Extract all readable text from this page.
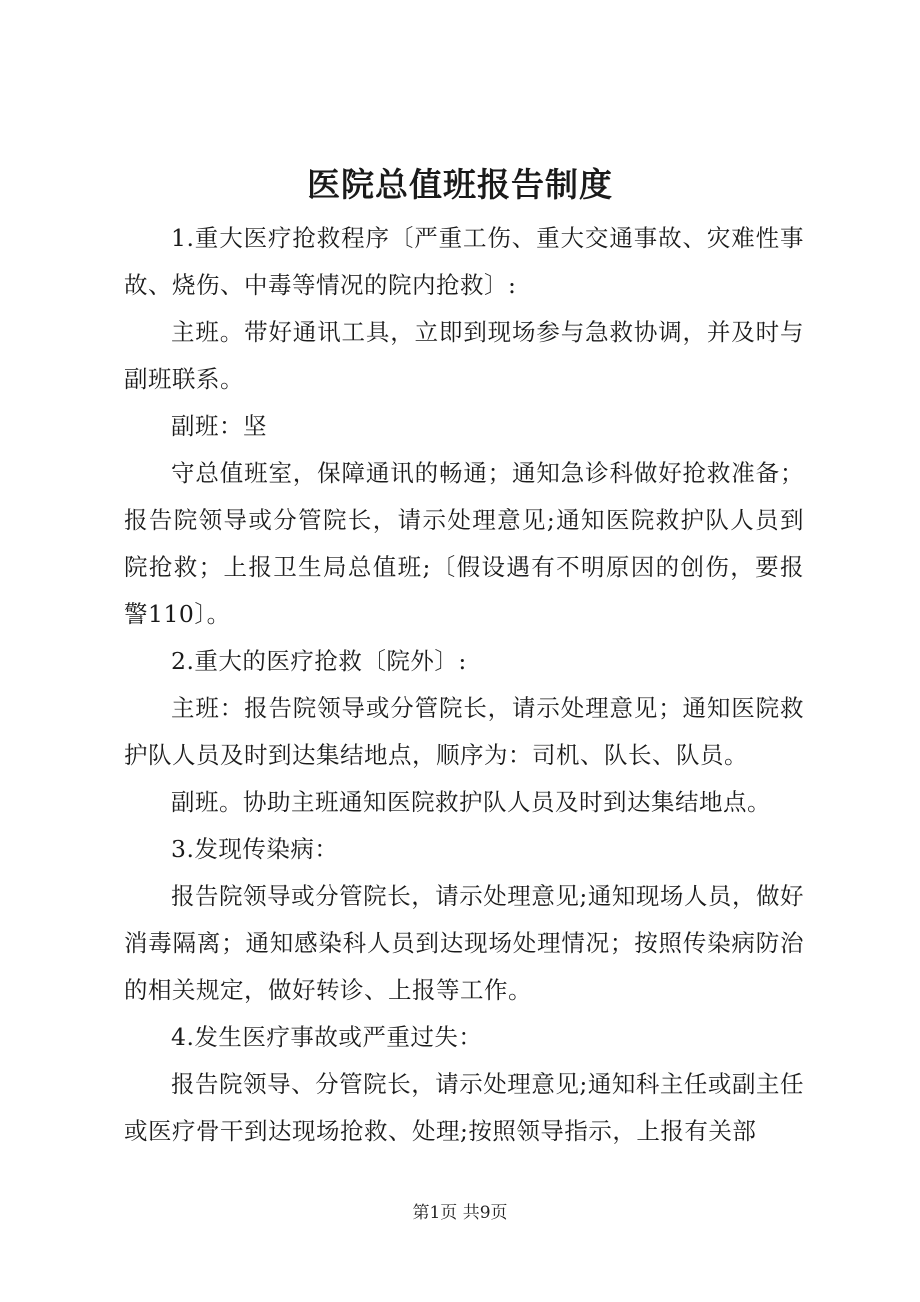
医院总值班报告制度

1.重大医疗抢救程序〔严重工伤、重大交通事故、灾难性事故、烧伤、中毒等情况的院内抢救〕:

主班。带好通讯工具，立即到现场参与急救协调，并及时与副班联系。

副班：坚

守总值班室，保障通讯的畅通；通知急诊科做好抢救准备；报告院领导或分管院长，请示处理意见;通知医院救护队人员到院抢救；上报卫生局总值班;〔假设遇有不明原因的创伤，要报警110〕。

2.重大的医疗抢救〔院外〕:

主班：报告院领导或分管院长，请示处理意见；通知医院救护队人员及时到达集结地点，顺序为：司机、队长、队员。

副班。协助主班通知医院救护队人员及时到达集结地点。

3.发现传染病：

报告院领导或分管院长，请示处理意见;通知现场人员，做好消毒隔离；通知感染科人员到达现场处理情况；按照传染病防治的相关规定，做好转诊、上报等工作。

4.发生医疗事故或严重过失：

报告院领导、分管院长，请示处理意见;通知科主任或副主任或医疗骨干到达现场抢救、处理;按照领导指示，上报有关部

第1页 共9页
